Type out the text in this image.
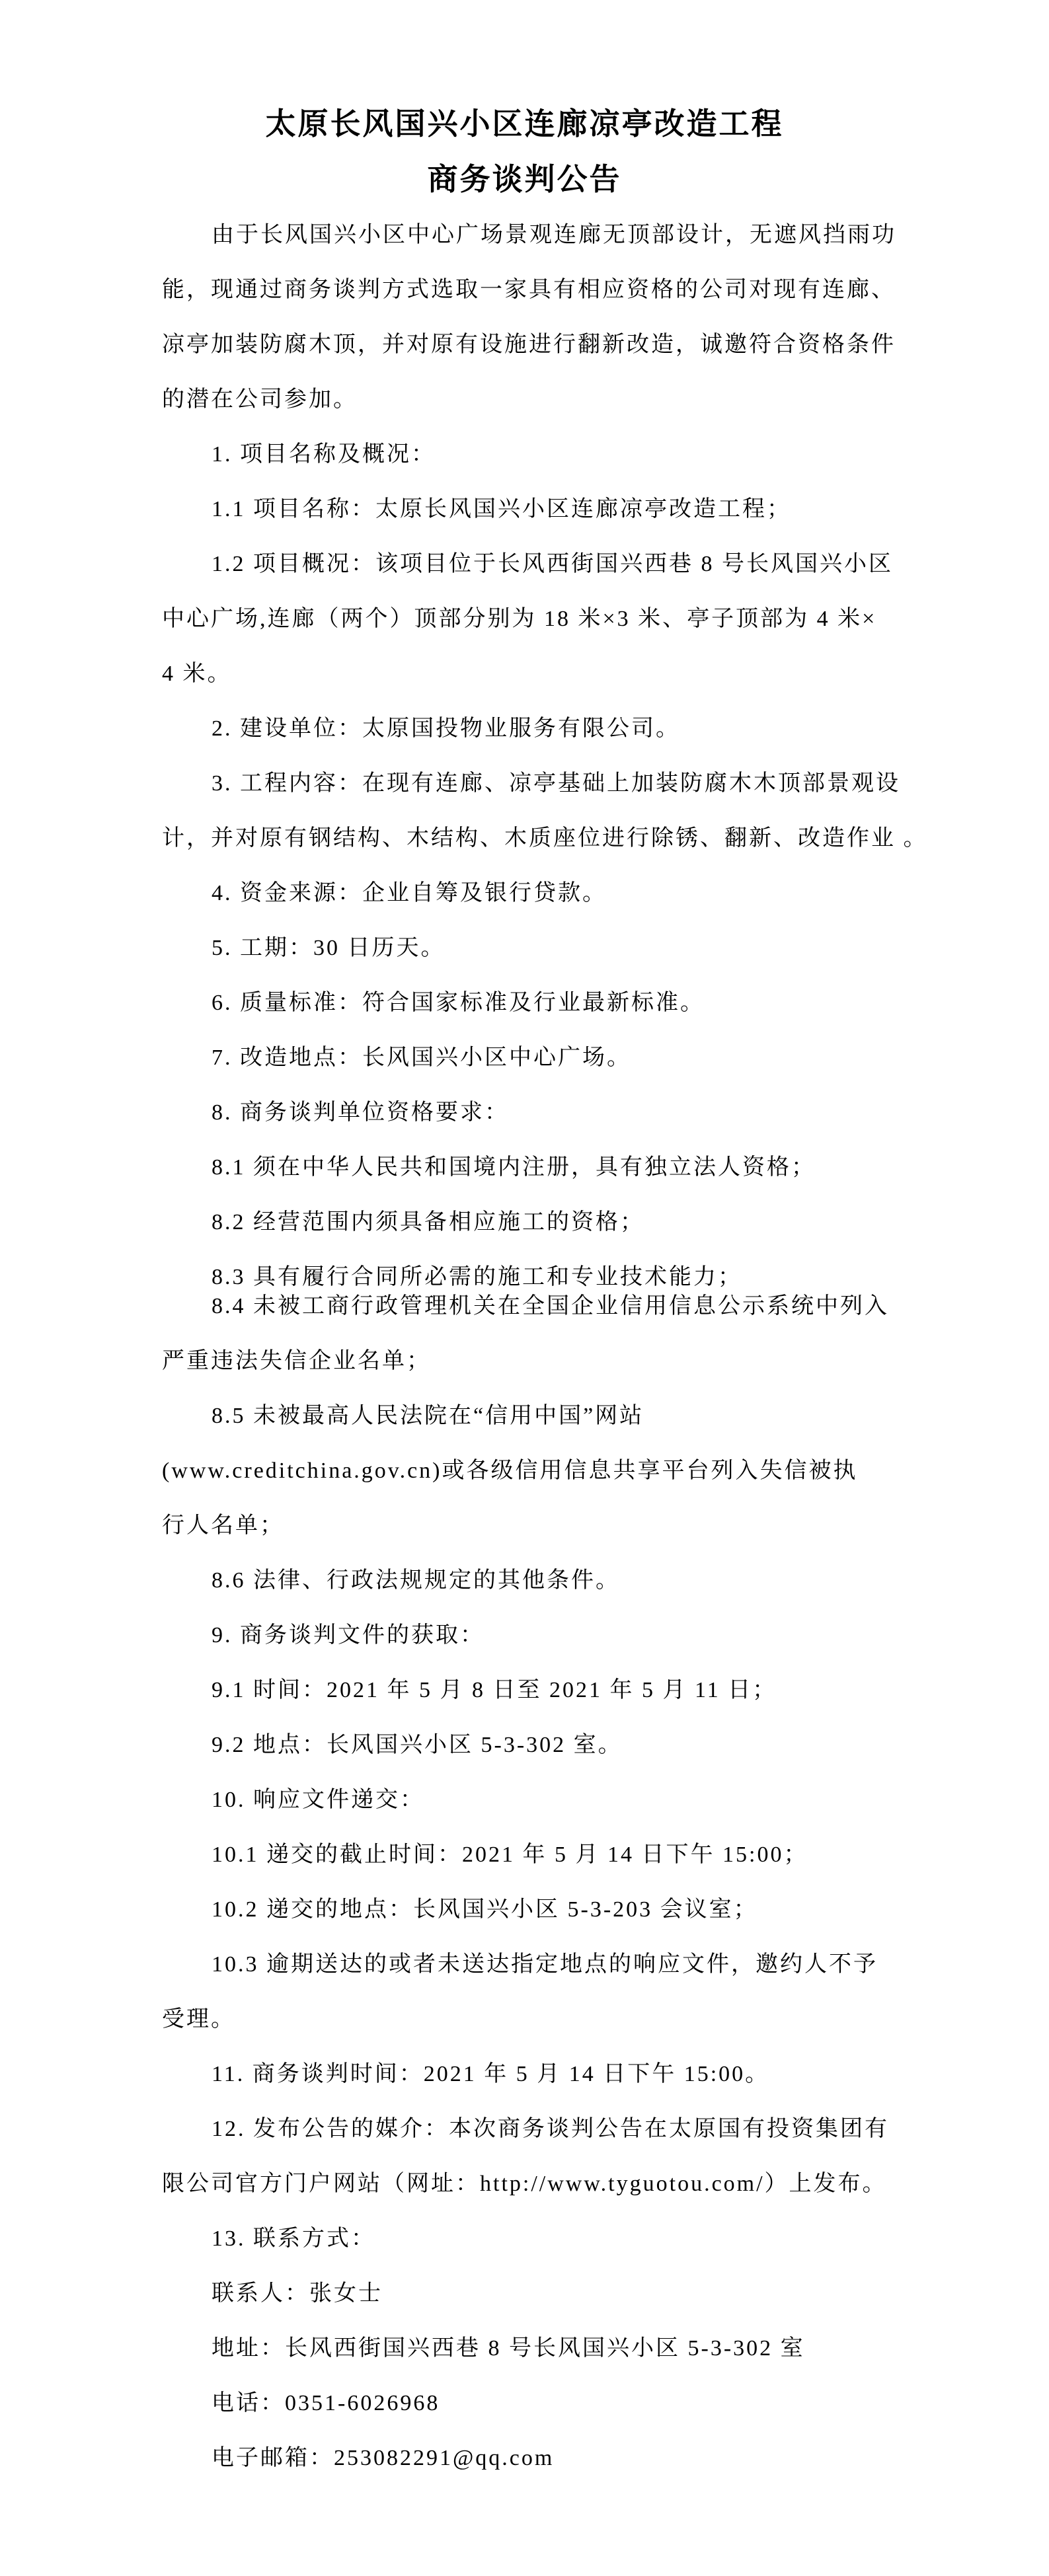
太原长风国兴小区连廊凉亭改造工程
商务谈判公告
由于长风国兴小区中心广场景观连廊无顶部设计，无遮风挡雨功
能，现通过商务谈判方式选取一家具有相应资格的公司对现有连廊、
凉亭加装防腐木顶，并对原有设施进行翻新改造，诚邀符合资格条件
的潜在公司参加。
1. 项目名称及概况：
1.1 项目名称：太原长风国兴小区连廊凉亭改造工程；
1.2 项目概况：该项目位于长风西街国兴西巷 8 号长风国兴小区
中心广场,连廊（两个）顶部分别为 18 米×3 米、亭子顶部为 4 米×
4 米。
2. 建设单位：太原国投物业服务有限公司。
3. 工程内容：在现有连廊、凉亭基础上加装防腐木木顶部景观设
计，并对原有钢结构、木结构、木质座位进行除锈、翻新、改造作业 。
4. 资金来源：企业自筹及银行贷款。
5. 工期：30 日历天。
6. 质量标准：符合国家标准及行业最新标准。
7. 改造地点：长风国兴小区中心广场。
8. 商务谈判单位资格要求：
8.1 须在中华人民共和国境内注册，具有独立法人资格；
8.2 经营范围内须具备相应施工的资格；
8.3 具有履行合同所必需的施工和专业技术能力；
8.4 未被工商行政管理机关在全国企业信用信息公示系统中列入
严重违法失信企业名单；
8.5 未被最高人民法院在“信用中国”网站
(www.creditchina.gov.cn)或各级信用信息共享平台列入失信被执
行人名单；
8.6 法律、行政法规规定的其他条件。
9. 商务谈判文件的获取：
9.1 时间：2021 年 5 月 8 日至 2021 年 5 月 11 日；
9.2 地点：长风国兴小区 5-3-302 室。
10. 响应文件递交：
10.1 递交的截止时间：2021 年 5 月 14 日下午 15:00；
10.2 递交的地点：长风国兴小区 5-3-203 会议室；
10.3 逾期送达的或者未送达指定地点的响应文件，邀约人不予
受理。
11. 商务谈判时间：2021 年 5 月 14 日下午 15:00。
12. 发布公告的媒介：本次商务谈判公告在太原国有投资集团有
限公司官方门户网站（网址：http://www.tyguotou.com/）上发布。
13. 联系方式：
联系人：张女士
地址：长风西街国兴西巷 8 号长风国兴小区 5-3-302 室
电话：0351-6026968
电子邮箱：253082291@qq.com
